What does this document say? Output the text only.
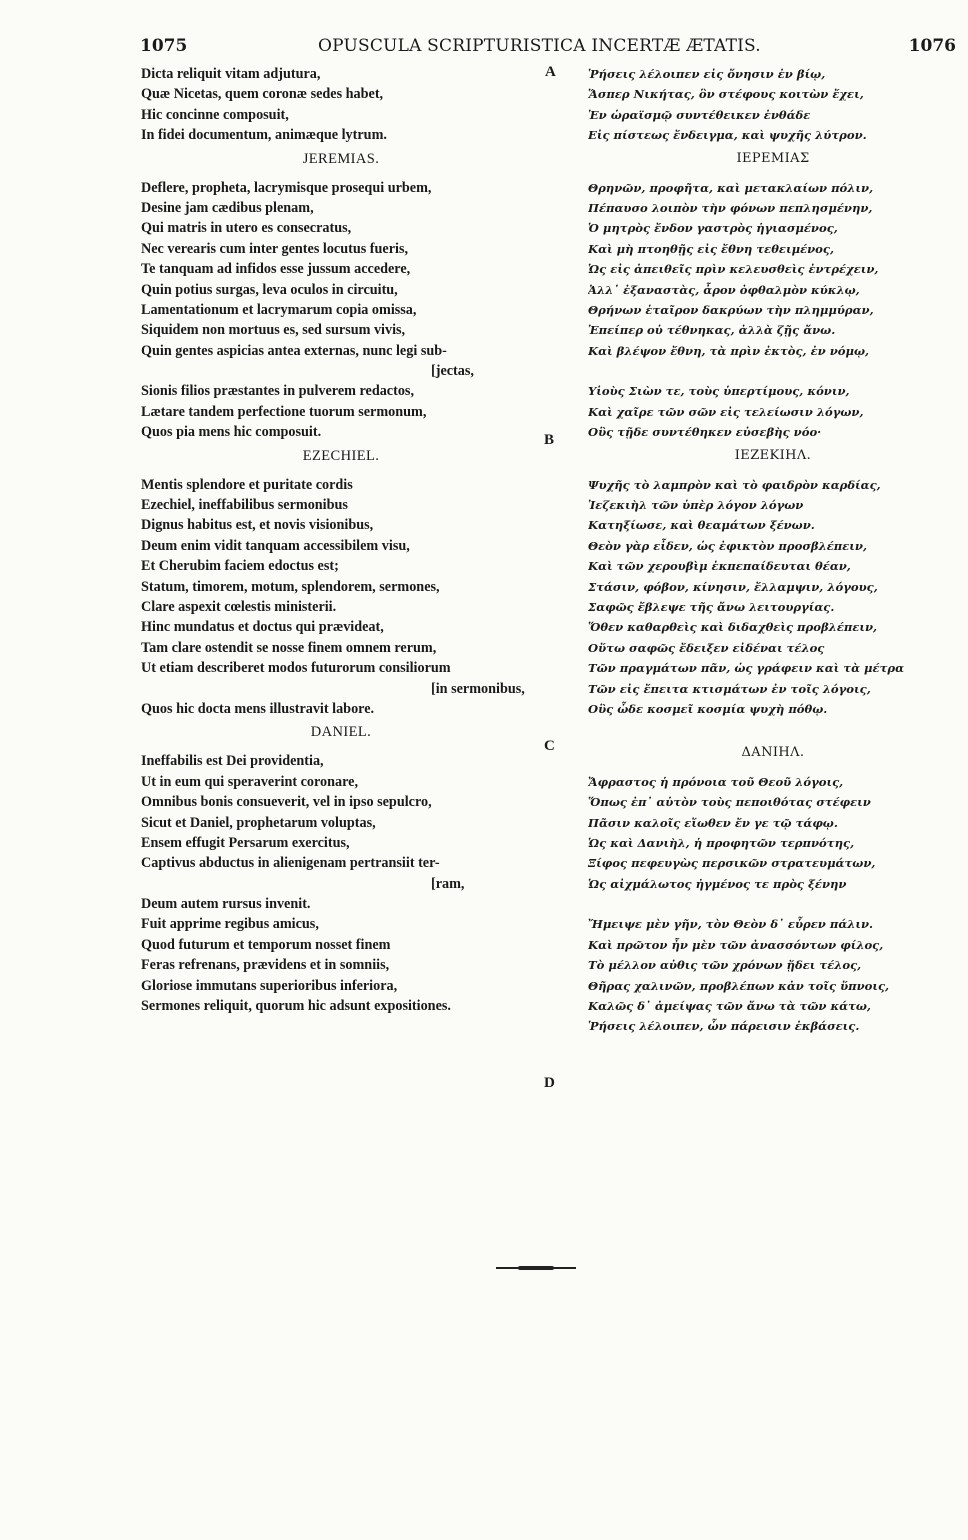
1075	OPUSCULA SCRIPTURISTICA INCERTÆ ÆTATIS.	1076
A
B
C
D
Dicta reliquit vitam adjutura,
Quæ Nicetas, quem coronæ sedes habet,
Hic concinne composuit,
In fidei documentum, animæque lytrum.
JEREMIAS.
Deflere, propheta, lacrymisque prosequi urbem,
Desine jam cædibus plenam,
Qui matris in utero es consecratus,
Nec verearis cum inter gentes locutus fueris,
Te tanquam ad infidos esse jussum accedere,
Quin potius surgas, leva oculos in circuitu,
Lamentationum et lacrymarum copia omissa,
Siquidem non mortuus es, sed sursum vivis,
Quin gentes aspicias antea externas, nunc legi sub-
[jectas,
Sionis filios præstantes in pulverem redactos,
Lætare tandem perfectione tuorum sermonum,
Quos pia mens hic composuit.
EZECHIEL.
Mentis splendore et puritate cordis
Ezechiel, ineffabilibus sermonibus
Dignus habitus est, et novis visionibus,
Deum enim vidit tanquam accessibilem visu,
Et Cherubim faciem edoctus est;
Statum, timorem, motum, splendorem, sermones,
Clare aspexit cœlestis ministerii.
Hinc mundatus et doctus qui prævideat,
Tam clare ostendit se nosse finem omnem rerum,
Ut etiam describeret modos futurorum consiliorum
[in sermonibus,
Quos hic docta mens illustravit labore.
DANIEL.
Ineffabilis est Dei providentia,
Ut in eum qui speraverint coronare,
Omnibus bonis consueverit, vel in ipso sepulcro,
Sicut et Daniel, prophetarum voluptas,
Ensem effugit Persarum exercitus,
Captivus abductus in alienigenam pertransiit ter-
[ram,
Deum autem rursus invenit.
Fuit apprime regibus amicus,
Quod futurum et temporum nosset finem
Feras refrenans, prævidens et in somniis,
Gloriose immutans superioribus inferiora,
Sermones reliquit, quorum hic adsunt expositiones.
Ῥήσεις λέλοιπεν εἰς ὄνησιν ἐν βίῳ,
Ἅσπερ Νικήτας, ὃν στέφους κοιτὼν ἔχει,
Ἐν ὡραϊσμῷ συντέθεικεν ἐνθάδε
Εἰς πίστεως ἔνδειγμα, καὶ ψυχῆς λύτρον.
ΙΕΡΕΜΙΑΣ
Θρηνῶν, προφῆτα, καὶ μετακλαίων πόλιν,
Πέπαυσο λοιπὸν τὴν φόνων πεπλησμένην,
Ὁ μητρὸς ἔνδον γαστρὸς ἡγιασμένος,
Καὶ μὴ πτοηθῇς εἰς ἔθνη τεθειμένος,
Ὡς εἰς ἀπειθεῖς πρὶν κελευσθεὶς ἐντρέχειν,
Ἀλλ᾽ ἐξαναστὰς, ἆρον ὀφθαλμὸν κύκλῳ,
Θρήνων ἑταῖρον δακρύων τὴν πλημμύραν,
Ἐπείπερ οὐ τέθνηκας, ἀλλὰ ζῇς ἄνω.
Καὶ βλέψον ἔθνη, τὰ πρὶν ἐκτὸς, ἐν νόμῳ,
Υἱοὺς Σιὼν τε, τοὺς ὑπερτίμους, κόνιν,
Καὶ χαῖρε τῶν σῶν εἰς τελείωσιν λόγων,
Οὓς τῇδε συντέθηκεν εὐσεβὴς νόο·
ΙΕΖΕΚΙΗΛ.
Ψυχῆς τὸ λαμπρὸν καὶ τὸ φαιδρὸν καρδίας,
Ἰεζεκιὴλ τῶν ὑπὲρ λόγον λόγων
Κατηξίωσε, καὶ θεαμάτων ξένων.
Θεὸν γὰρ εἶδεν, ὡς ἐφικτὸν προσβλέπειν,
Καὶ τῶν χερουβὶμ ἐκπεπαίδευται θέαν,
Στάσιν, φόβον, κίνησιν, ἔλλαμψιν, λόγους,
Σαφῶς ἔβλεψε τῆς ἄνω λειτουργίας.
Ὅθεν καθαρθεὶς καὶ διδαχθεὶς προβλέπειν,
Οὕτω σαφῶς ἔδειξεν εἰδέναι τέλος
Τῶν πραγμάτων πᾶν, ὡς γράφειν καὶ τὰ μέτρα
Τῶν εἰς ἔπειτα κτισμάτων ἐν τοῖς λόγοις,
Οὓς ὧδε κοσμεῖ κοσμία ψυχὴ πόθῳ.
ΔΑΝΙΗΛ.
Ἄφραστος ἡ πρόνοια τοῦ Θεοῦ λόγοις,
Ὅπως ἐπ᾽ αὐτὸν τοὺς πεποιθότας στέφειν
Πᾶσιν καλοῖς εἴωθεν ἔν γε τῷ τάφῳ.
Ὡς καὶ Δανιὴλ, ἡ προφητῶν τερπνότης,
Ξίφος πεφευγὼς περσικῶν στρατευμάτων,
Ὡς αἰχμάλωτος ἠγμένος τε πρὸς ξένην
Ἤμειψε μὲν γῆν, τὸν Θεὸν δ᾽ εὗρεν πάλιν.
Καὶ πρῶτον ἦν μὲν τῶν ἀνασσόντων φίλος,
Τὸ μέλλον αὐθις τῶν χρόνων ᾔδει τέλος,
Θῆρας χαλινῶν, προβλέπων κἀν τοῖς ὕπνοις,
Καλῶς δ᾽ ἀμείψας τῶν ἄνω τὰ τῶν κάτω,
Ῥήσεις λέλοιπεν, ὧν πάρεισιν ἐκβάσεις.
